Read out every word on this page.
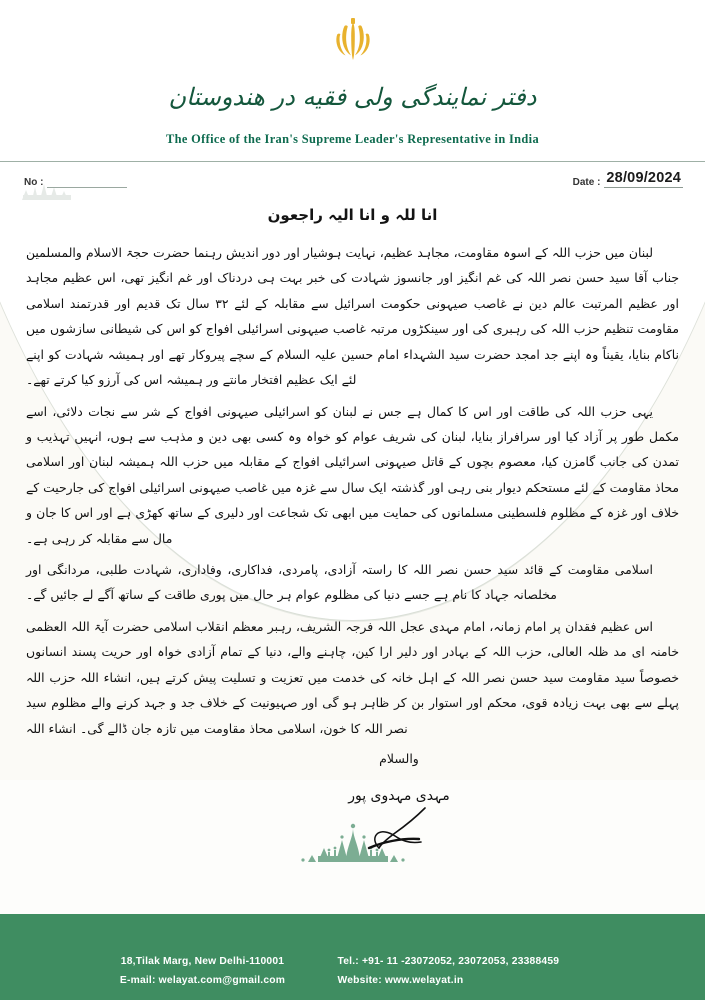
دفتر نمایندگی ولی فقیه در هندوستان
The Office of the Iran's Supreme Leader's Representative in India
No :	Date : 28/09/2024
انا للہ و انا الیہ راجعون

لبنان میں حزب اللہ کے اسوہ مقاومت، مجاہد عظیم، نہایت ہوشیار اور دور اندیش رہنما حضرت حجۃ الاسلام والمسلمین جناب آقا سید حسن نصر اللہ کی غم انگیز اور جانسوز شہادت کی خبر بہت ہی دردناک اور غم انگیز تھی، اس عظیم مجاہد اور عظیم المرتبت عالم دین نے غاصب صیہونی حکومت اسرائیل سے مقابلہ کے لئے ۳۲ سال تک قدیم اور قدرتمند اسلامی مقاومت تنظیم حزب اللہ کی رہبری کی اور سینکڑوں مرتبہ غاصب صیہونی اسرائیلی افواج کو اس کی شیطانی سازشوں میں ناکام بنایا، یقیناً وہ اپنے جد امجد حضرت سید الشہداء امام حسین علیہ السلام کے سچے پیروکار تھے اور ہمیشہ شہادت کو اپنے لئے ایک عظیم افتخار مانتے ور ہمیشہ اس کی آرزو کیا کرتے تھے۔

یہی حزب اللہ کی طاقت اور اس کا کمال ہے جس نے لبنان کو اسرائیلی صیہونی افواج کے شر سے نجات دلائی، اسے مکمل طور پر آزاد کیا اور سرافراز بنایا، لبنان کی شریف عوام کو خواہ وہ کسی بھی دین و مذہب سے ہوں، انہیں تہذیب و تمدن کی جانب گامزن کیا، معصوم بچوں کے قاتل صیہونی اسرائیلی افواج کے مقابلہ میں حزب اللہ ہمیشہ لبنان اور اسلامی محاذ مقاومت کے لئے مستحکم دیوار بنی رہی اور گذشتہ ایک سال سے غزہ میں غاصب صیہونی اسرائیلی افواج کی جارحیت کے خلاف اور غزہ کے مظلوم فلسطینی مسلمانوں کی حمایت میں ابھی تک شجاعت اور دلیری کے ساتھ کھڑی ہے اور اس کا جان و مال سے مقابلہ کر رہی ہے۔

اسلامی مقاومت کے قائد سید حسن نصر اللہ کا راستہ آزادی، پامردی، فداکاری، وفاداری، شہادت طلبی، مردانگی اور مخلصانہ جہاد کا نام ہے جسے دنیا کی مظلوم عوام ہر حال میں پوری طاقت کے ساتھ آگے لے جائیں گے۔

اس عظیم فقدان پر امام زمانہ، امام مہدی عجل اللہ فرجہ الشریف، رہبر معظم انقلاب اسلامی حضرت آیۃ اللہ العظمی خامنہ ای مد ظلہ العالی، حزب اللہ کے بہادر اور دلیر ارا کین، چاہنے والے، دنیا کے تمام آزادی خواہ اور حریت پسند انسانوں خصوصاً سید مقاومت سید حسن نصر اللہ کے اہل خانہ کی خدمت میں تعزیت و تسلیت پیش کرتے ہیں، انشاء اللہ حزب اللہ پہلے سے بھی بہت زیادہ قوی، محکم اور استوار بن کر ظاہر ہو گی اور صہیونیت کے خلاف جد و جہد کرنے والے مظلوم سید نصر اللہ کا خون، اسلامی محاذ مقاومت میں تازہ جان ڈالے گی۔ انشاء اللہ

والسلام
مہدی مہدوی پور
18,Tilak Marg, New Delhi-110001
E-mail: welayat.com@gmail.com
Tel.: +91- 11 -23072052, 23072053, 23388459
Website: www.welayat.in
